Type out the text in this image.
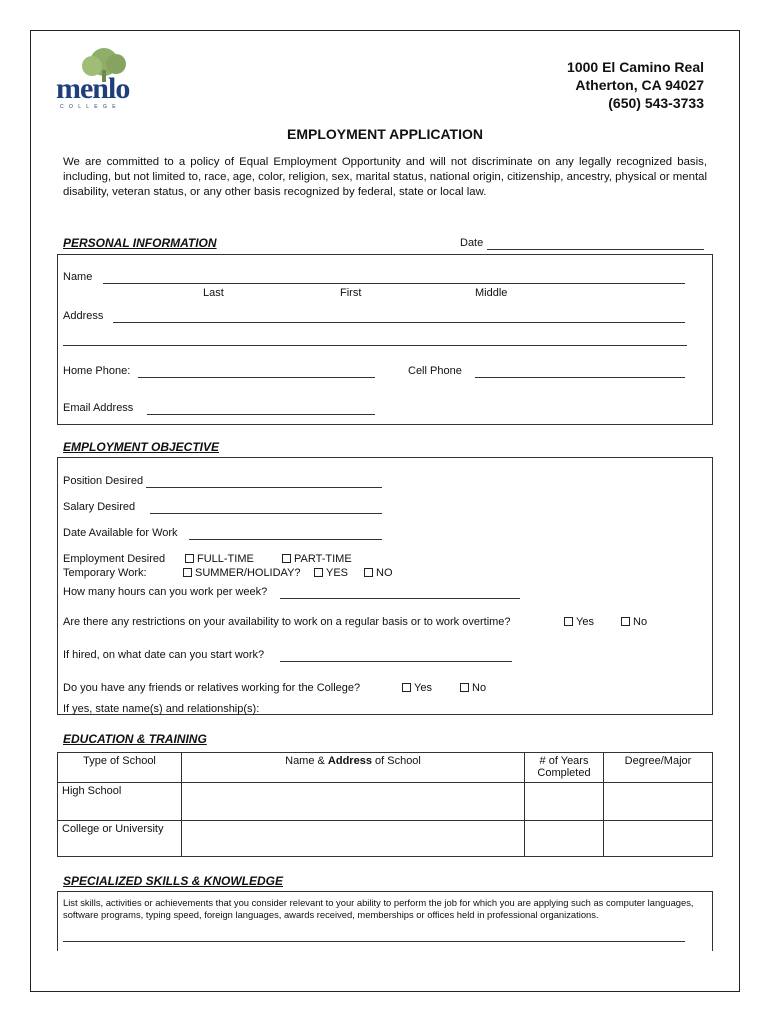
menlo
C O L L E G E
1000 El Camino Real
Atherton, CA 94027
(650) 543-3733
EMPLOYMENT APPLICATION
We are committed to a policy of Equal Employment Opportunity and will not discriminate on any legally recognized basis, including, but not limited to, race, age, color, religion, sex, marital status, national origin, citizenship, ancestry, physical or mental disability, veteran status, or any other basis recognized by federal, state or local law.
PERSONAL INFORMATION	Date
Name
Last	First	Middle
Address
Home Phone:	Cell Phone
Email Address
EMPLOYMENT OBJECTIVE
Position Desired
Salary Desired
Date Available for Work
Employment Desired	FULL-TIME	PART-TIME
Temporary Work:	SUMMER/HOLIDAY?	YES	NO
How many hours can you work per week?
Are there any restrictions on your availability to work on a regular basis or to work overtime?	Yes	No
If hired, on what date can you start work?
Do you have any friends or relatives working for the College?	Yes	No
If yes, state name(s) and relationship(s):
EDUCATION & TRAINING
Type of School	Name & Address of School	# of Years Completed	Degree/Major
High School			
College or University			
SPECIALIZED SKILLS & KNOWLEDGE
List skills, activities or achievements that you consider relevant to your ability to perform the job for which you are applying such as computer languages, software programs, typing speed, foreign languages, awards received, memberships or offices held in professional organizations.
